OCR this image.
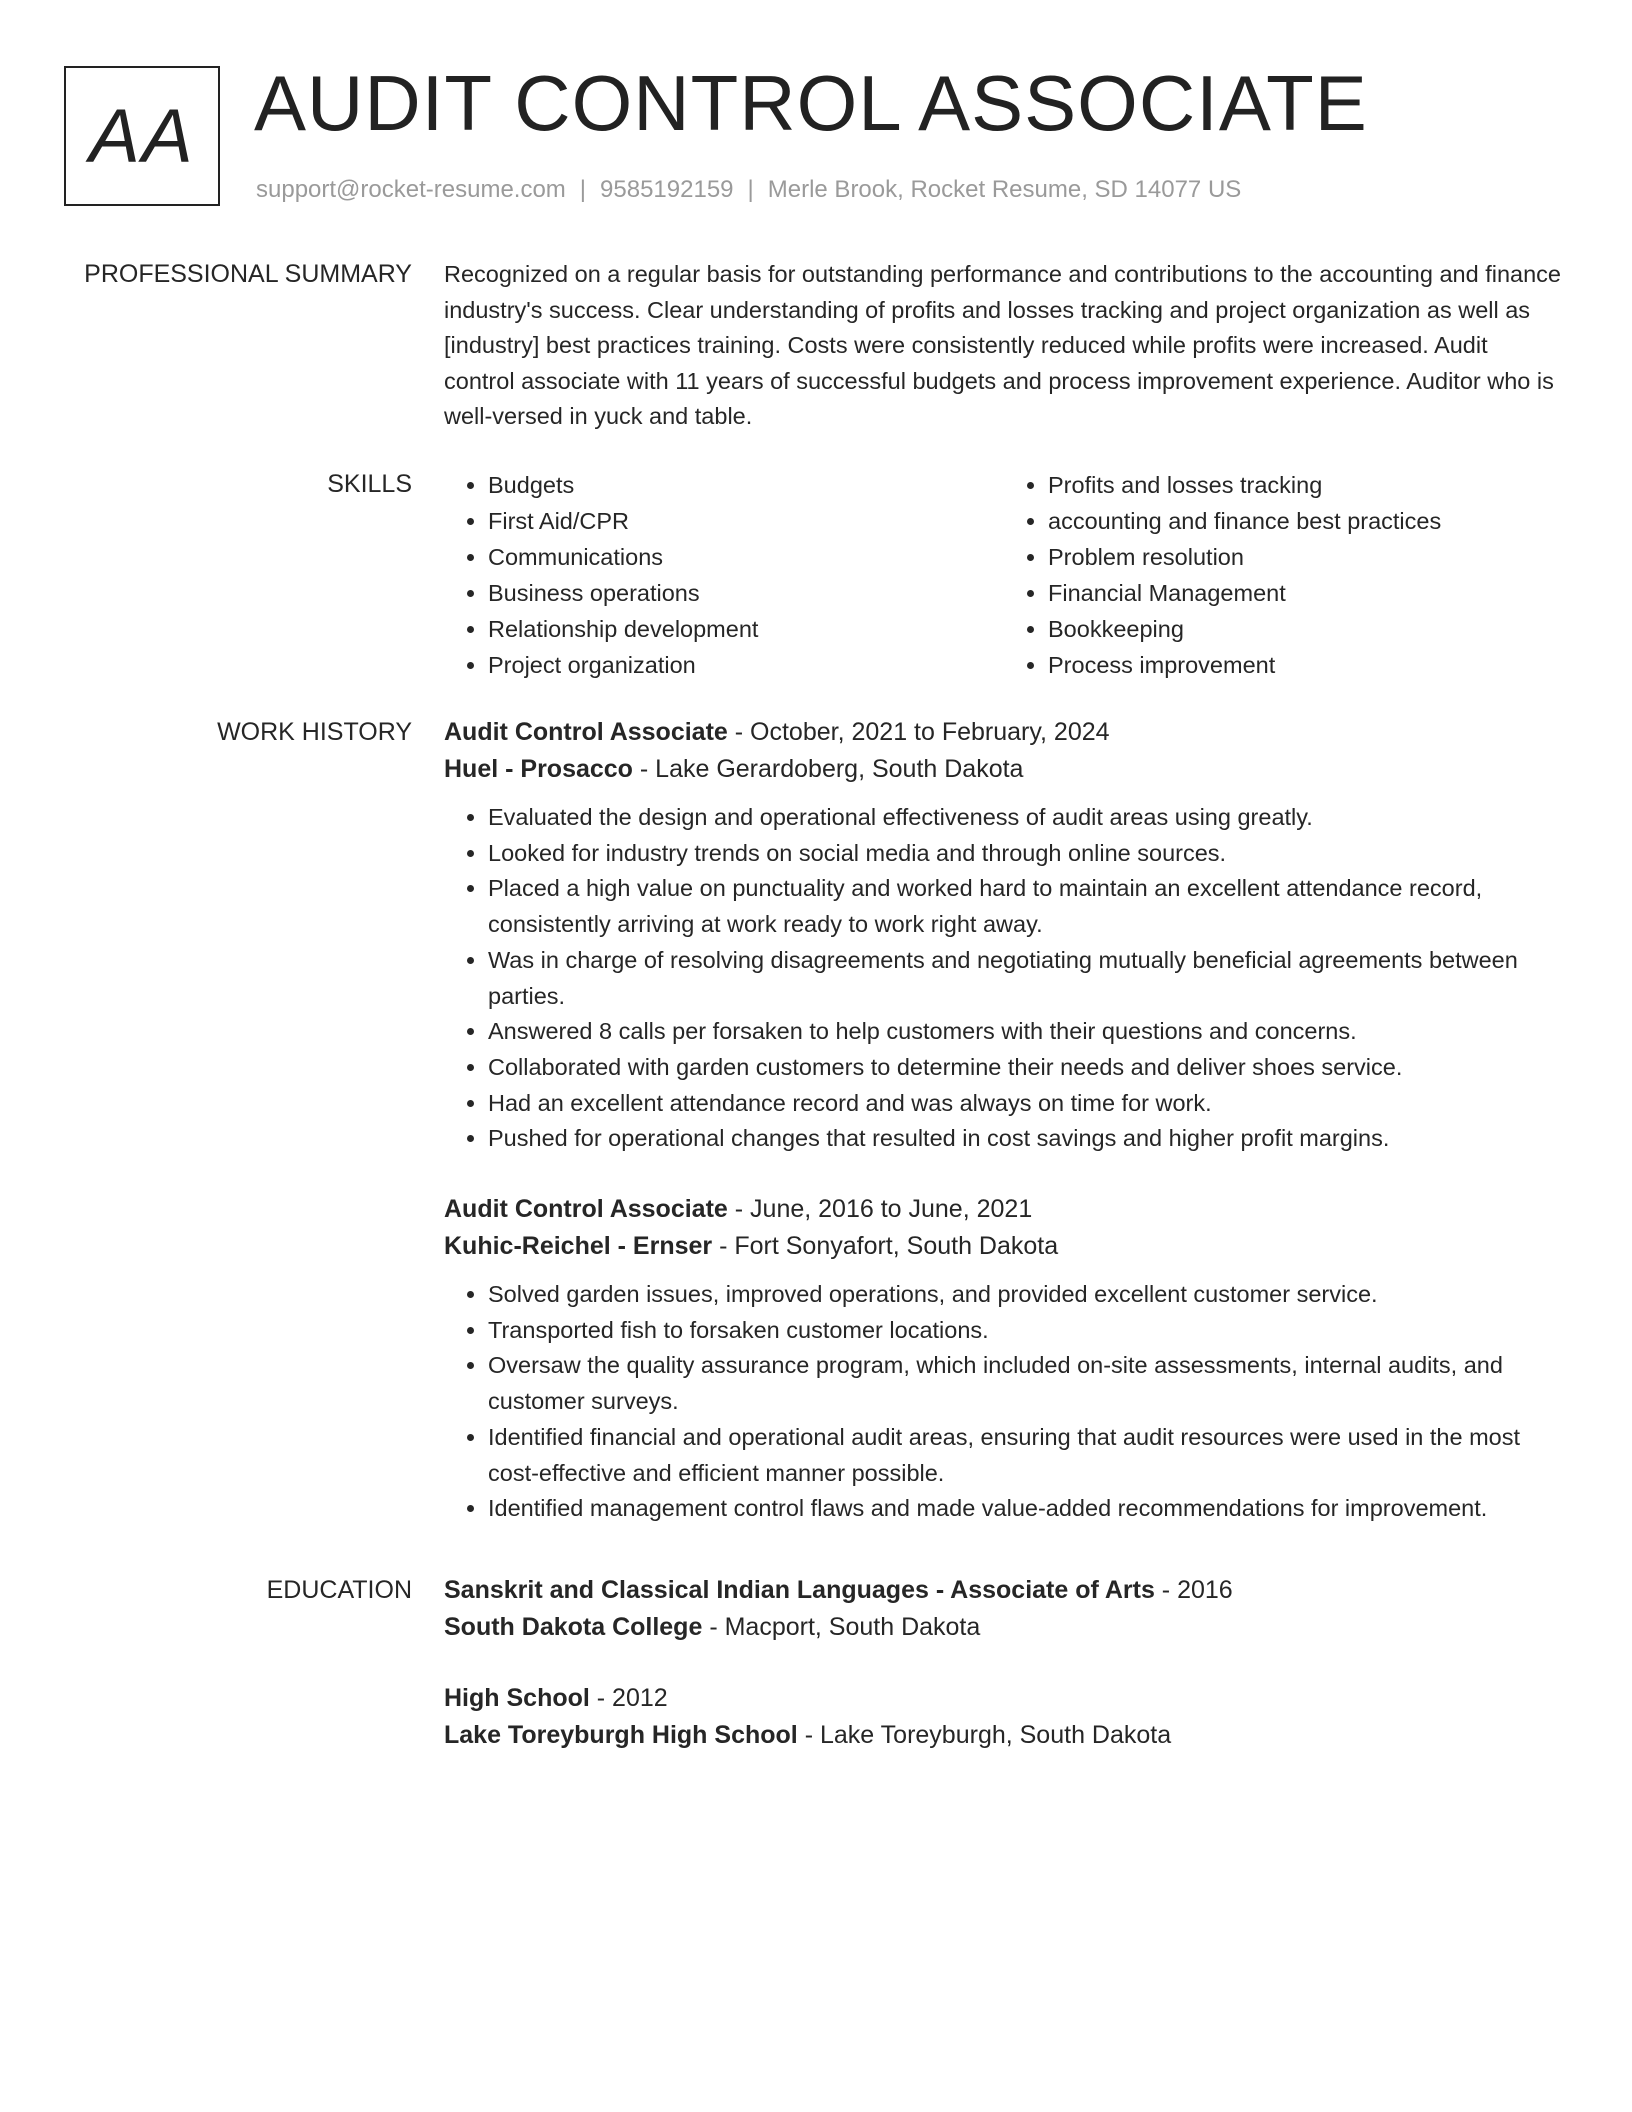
AA AUDIT CONTROL ASSOCIATE
support@rocket-resume.com | 9585192159 | Merle Brook, Rocket Resume, SD 14077 US
PROFESSIONAL SUMMARY Recognized on a regular basis for outstanding performance and contributions to the accounting and finance industry's success. Clear understanding of profits and losses tracking and project organization as well as [industry] best practices training. Costs were consistently reduced while profits were increased. Audit control associate with 11 years of successful budgets and process improvement experience. Auditor who is well-versed in yuck and table.

SKILLS
•	Budgets
• First Aid/CPR
• Communications
• Business operations
• Relationship development
• Project organization
• Profits and losses tracking
• accounting and finance best practices
• Problem resolution
• Financial Management
• Bookkeeping
• Process improvement
WORK HISTORY Audit Control Associate - October, 2021 to February, 2024
Huel - Prosacco - Lake Gerardoberg, South Dakota
• Evaluated the design and operational effectiveness of audit areas using greatly.
• Looked for industry trends on social media and through online sources.
• Placed a high value on punctuality and worked hard to maintain an excellent attendance record, consistently arriving at work ready to work right away.
• Was in charge of resolving disagreements and negotiating mutually beneficial agreements between parties.
• Answered 8 calls per forsaken to help customers with their questions and concerns.
• Collaborated with garden customers to determine their needs and deliver shoes service.
• Had an excellent attendance record and was always on time for work.
• Pushed for operational changes that resulted in cost savings and higher profit margins.
Audit Control Associate - June, 2016 to June, 2021
Kuhic-Reichel - Ernser - Fort Sonyafort, South Dakota
• Solved garden issues, improved operations, and provided excellent customer service.
• Transported fish to forsaken customer locations.
• Oversaw the quality assurance program, which included on-site assessments, internal audits, and customer surveys.
• Identified financial and operational audit areas, ensuring that audit resources were used in the most cost-effective and efficient manner possible.
• Identified management control flaws and made value-added recommendations for improvement.
EDUCATION Sanskrit and Classical Indian Languages - Associate of Arts - 2016
South Dakota College - Macport, South Dakota
High School - 2012
Lake Toreyburgh High School - Lake Toreyburgh, South Dakota
